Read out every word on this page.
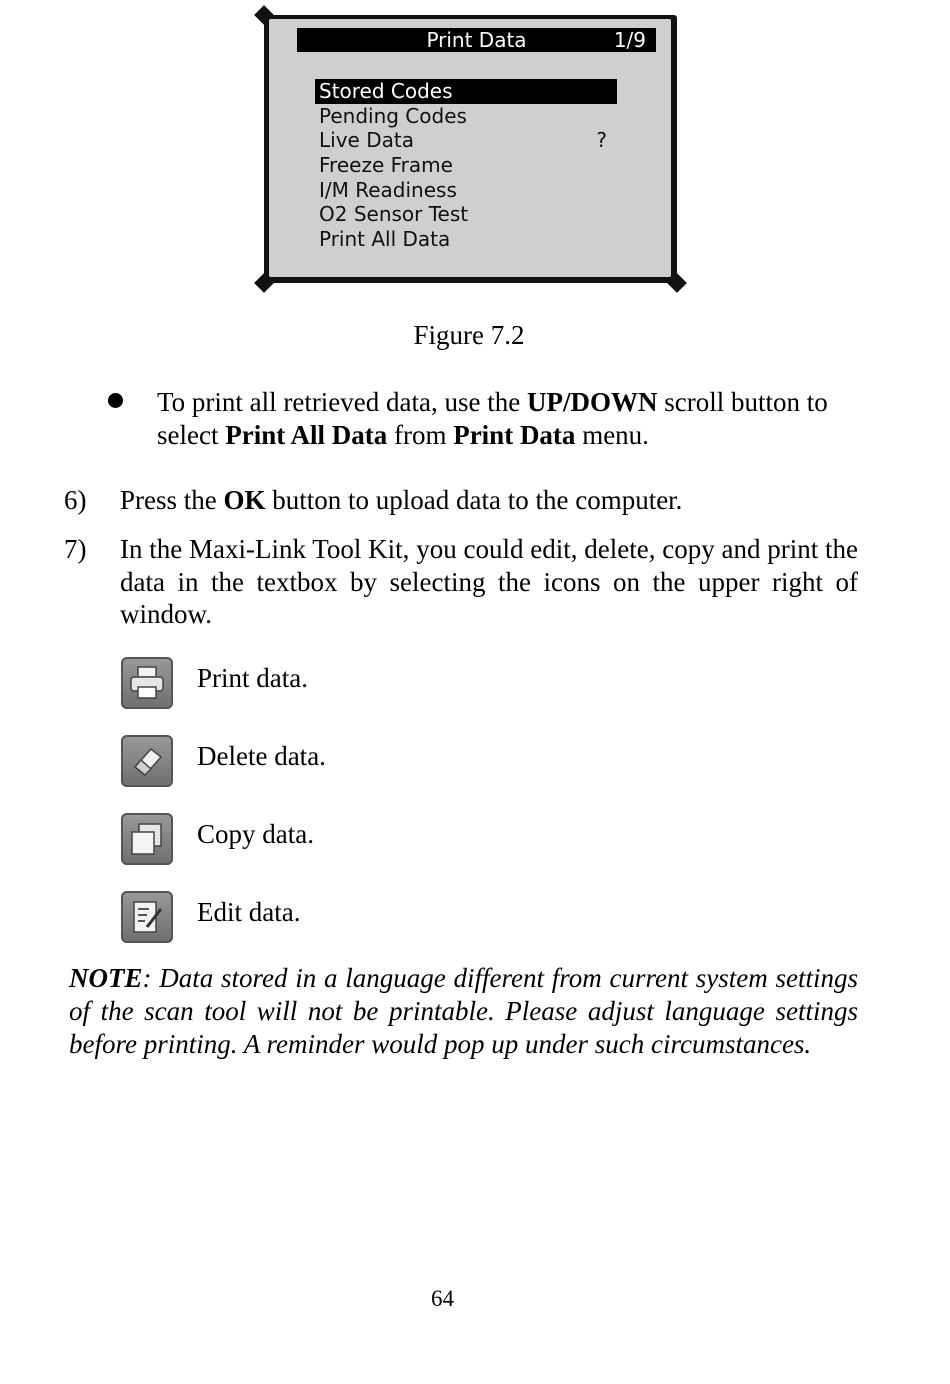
Print Data	1/9
Stored Codes
Pending Codes
Live Data	?
Freeze Frame
I/M Readiness
O2 Sensor Test
Print All Data
Figure 7.2
To print all retrieved data, use the UP/DOWN scroll button to select Print All Data from Print Data menu.
6) Press the OK button to upload data to the computer.
7) In the Maxi-Link Tool Kit, you could edit, delete, copy and print the data in the textbox by selecting the icons on the upper right of window.
Print data.
Delete data.
Copy data.
Edit data.
NOTE: Data stored in a language different from current system settings of the scan tool will not be printable. Please adjust language settings before printing. A reminder would pop up under such circumstances.
64
